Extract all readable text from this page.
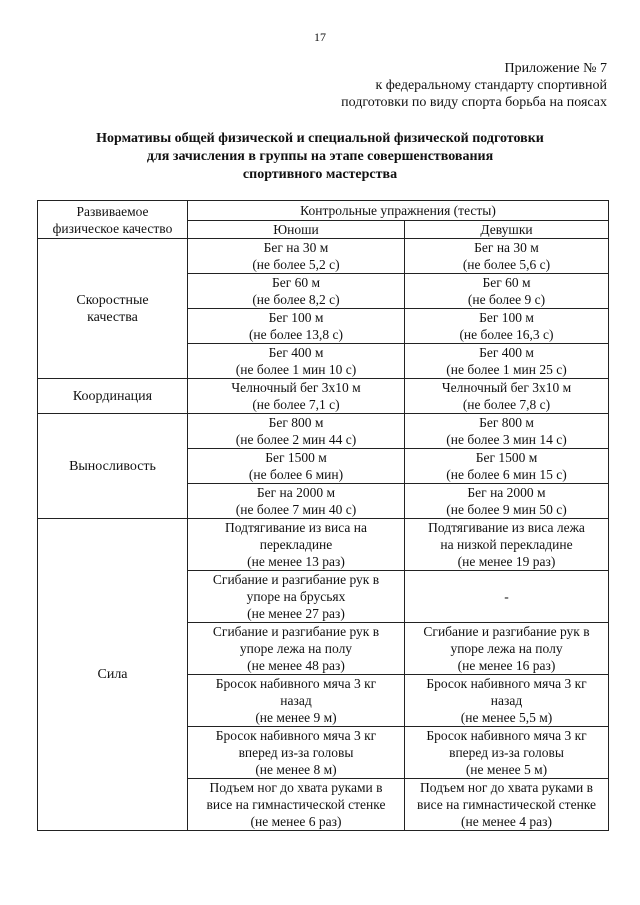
17
Приложение № 7
к федеральному стандарту спортивной
подготовки по виду спорта борьба на поясах
Нормативы общей физической и специальной физической подготовки
для зачисления в группы на этапе совершенствования
спортивного мастерства
Развиваемое
физическое качество	Контрольные упражнения (тесты)	
	Юноши	Девушки

Скоростные
качества	Бег на 30 м
(не более 5,2 с)	Бег на 30 м
(не более 5,6 с)

	Бег 60 м
(не более 8,2 с)	Бег 60 м
(не более 9 с)

	Бег 100 м
(не более 13,8 с)	Бег 100 м
(не более 16,3 с)

	Бег 400 м
(не более 1 мин 10 с)	Бег 400 м
(не более 1 мин 25 с)

Координация	Челночный бег 3x10 м
(не более 7,1 с)	Челночный бег 3x10 м
(не более 7,8 с)

Выносливость	Бег 800 м
(не более 2 мин 44 с)	Бег 800 м
(не более 3 мин 14 с)

	Бег 1500 м
(не более 6 мин)	Бег 1500 м
(не более 6 мин 15 с)

	Бег на 2000 м
(не более 7 мин 40 с)	Бег на 2000 м
(не более 9 мин 50 с)

Сила	Подтягивание из виса на
перекладине
(не менее 13 раз)	Подтягивание из виса лежа
на низкой перекладине
(не менее 19 раз)

	Сгибание и разгибание рук в
упоре на брусьях
(не менее 27 раз)	-

	Сгибание и разгибание рук в
упоре лежа на полу
(не менее 48 раз)	Сгибание и разгибание рук в
упоре лежа на полу
(не менее 16 раз)

	Бросок набивного мяча 3 кг
назад
(не менее 9 м)	Бросок набивного мяча 3 кг
назад
(не менее 5,5 м)

	Бросок набивного мяча 3 кг
вперед из-за головы
(не менее 8 м)	Бросок набивного мяча 3 кг
вперед из-за головы
(не менее 5 м)

	Подъем ног до хвата руками в
висе на гимнастической стенке
(не менее 6 раз)	Подъем ног до хвата руками в
висе на гимнастической стенке
(не менее 4 раз)
